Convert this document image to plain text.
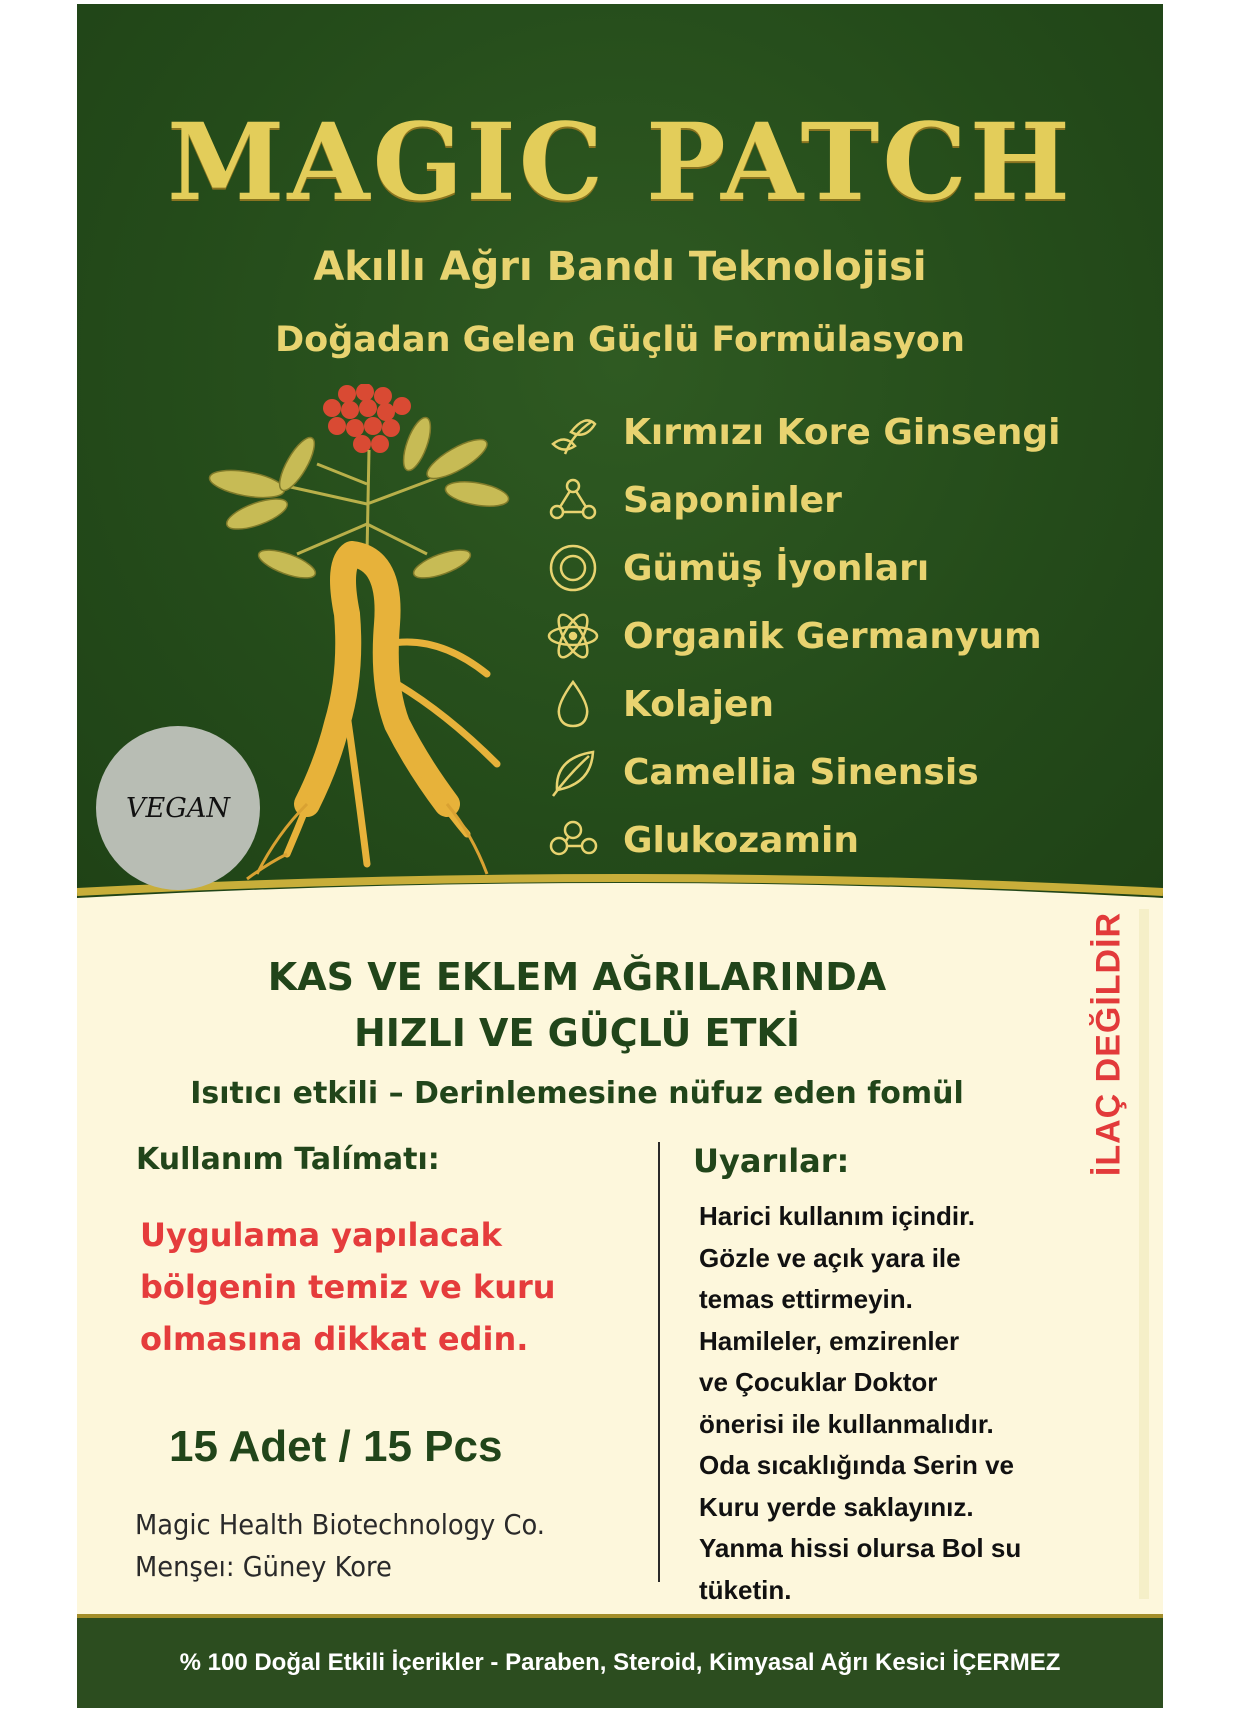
MAGIC PATCH
Akıllı Ağrı Bandı Teknolojisi
Doğadan Gelen Güçlü Formülasyon
VEGAN
Kırmızı Kore Ginsengi
Saponinler
Gümüş İyonları
Organik Germanyum
Kolajen
Camellia Sinensis
Glukozamin
KAS VE EKLEM AĞRILARINDA
HIZLI VE GÜÇLÜ ETKİ
Isıtıcı etkili – Derinlemesine nüfuz eden fomül	İLAÇ DEĞİLDİR
Kullanım Talímatı:
Uygulama yapılacak bölgenin temiz ve kuru olmasına dikkat edin.
15 Adet / 15 Pcs
Magic Health Biotechnology Co.
Menşeı: Güney Kore
Uyarılar:
Harici kullanım içindir.
Gözle ve açık yara ile
temas ettirmeyin.
Hamileler, emzirenler
ve Çocuklar Doktor
önerisi ile kullanmalıdır.
Oda sıcaklığında Serin ve
Kuru yerde saklayınız.
Yanma hissi olursa Bol su
tüketin.
% 100 Doğal Etkili İçerikler - Paraben, Steroid, Kimyasal Ağrı Kesici İÇERMEZ
